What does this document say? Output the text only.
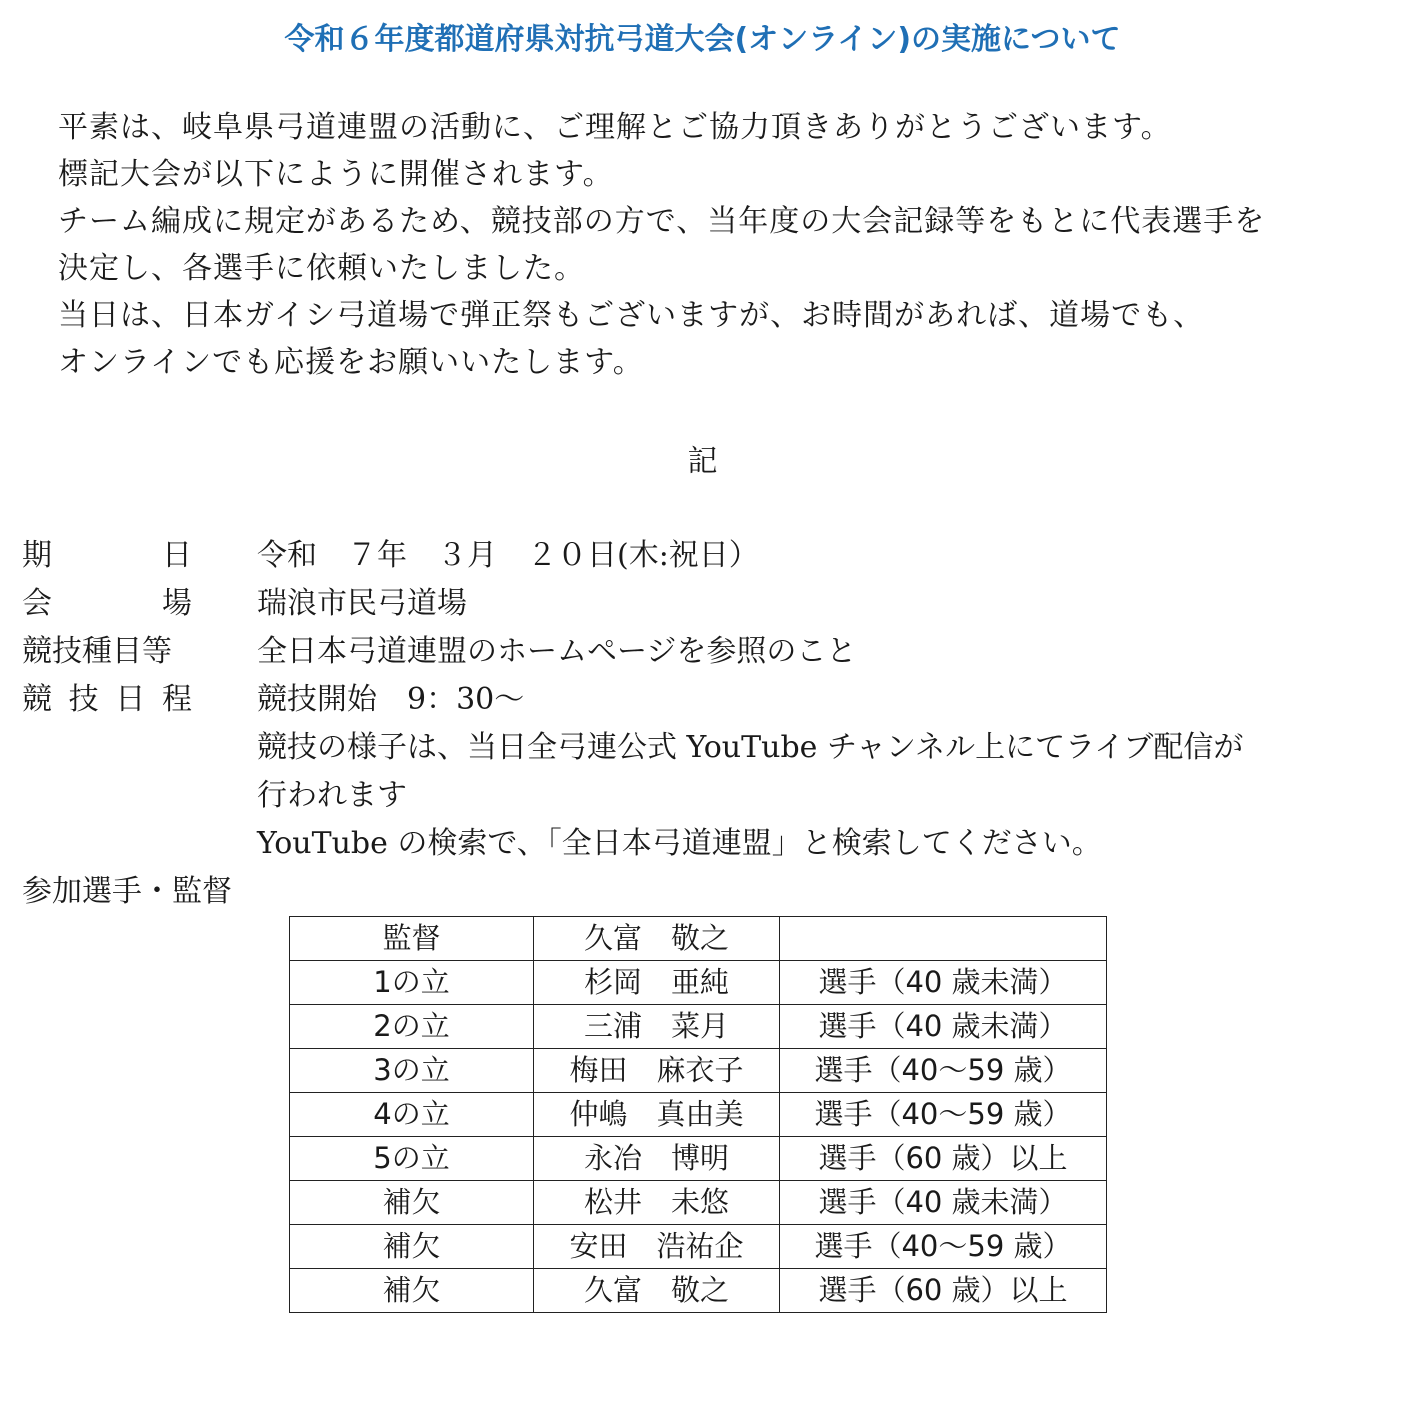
令和６年度都道府県対抗弓道大会(オンライン)の実施について

平素は、岐阜県弓道連盟の活動に、ご理解とご協力頂きありがとうございます。

標記大会が以下にように開催されます。

チーム編成に規定があるため、競技部の方で、当年度の大会記録等をもとに代表選手を

決定し、各選手に依頼いたしました。

当日は、日本ガイシ弓道場で弾正祭もございますが、お時間があれば、道場でも、

オンラインでも応援をお願いいたします。

記
期	日 令和　７年　３月　２０日(木:祝日）
会	場 瑞浪市民弓道場
競技種目等	全日本弓道連盟のホームページを参照のこと
競 技 日 程 競技開始　9：30～
競技の様子は、当日全弓連公式 YouTube チャンネル上にてライブ配信が
行われます
YouTube の検索で、「全日本弓道連盟」と検索してください。
参加選手・監督
監督	久富　敬之	
1の立	杉岡　亜純	選手（40 歳未満）
2の立	三浦　菜月	選手（40 歳未満）
3の立	梅田　麻衣子	選手（40～59 歳）
4の立	仲嶋　真由美	選手（40～59 歳）
5の立	永冶　博明	選手（60 歳）以上
補欠	松井　未悠	選手（40 歳未満）
補欠	安田　浩祐企	選手（40～59 歳）
補欠	久富　敬之	選手（60 歳）以上
